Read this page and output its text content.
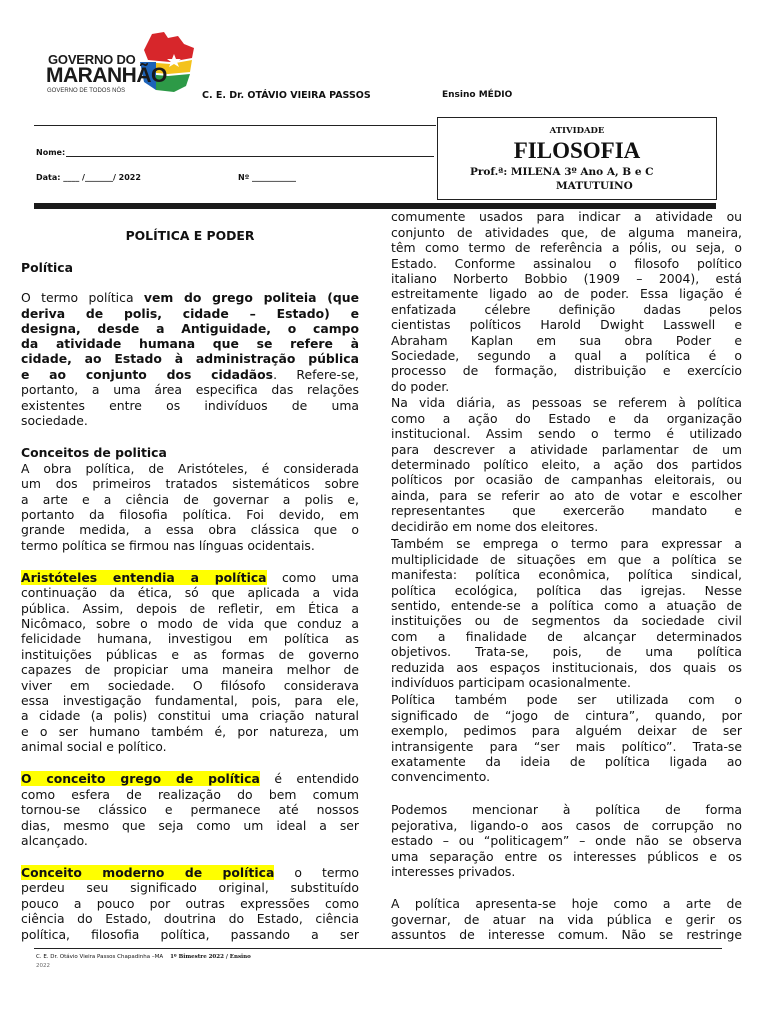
GOVERNO DO
MARANHÃO
GOVERNO DE TODOS NÓS	C. E. Dr. OTÁVIO VIEIRA PASSOS	Ensino MÉDIO
Nome:
Data: ____ /_______/ 2022	Nº ___________
ATIVIDADE
FILOSOFIA
Prof.ª: MILENA 3º Ano A, B e C
MATUTUINO
POLÍTICA E PODER
Política
O termo política vem do grego politeia (que
deriva de polis, cidade – Estado) e
designa, desde a Antiguidade, o campo
da atividade humana que se refere à
cidade, ao Estado à administração pública
e ao conjunto dos cidadãos. Refere-se,
portanto, a uma área especifica das relações
existentes entre os indivíduos de uma
sociedade.
Conceitos de politica
A obra política, de Aristóteles, é considerada
um dos primeiros tratados sistemáticos sobre
a arte e a ciência de governar a polis e,
portanto da filosofia política. Foi devido, em
grande medida, a essa obra clássica que o
termo política se firmou nas línguas ocidentais.
Aristóteles entendia a política como uma
continuação da ética, só que aplicada a vida
pública. Assim, depois de refletir, em Ética a
Nicômaco, sobre o modo de vida que conduz a
felicidade humana, investigou em política as
instituições públicas e as formas de governo
capazes de propiciar uma maneira melhor de
viver em sociedade. O filósofo considerava
essa investigação fundamental, pois, para ele,
a cidade (a polis) constitui uma criação natural
e o ser humano também é, por natureza, um
animal social e político.
O conceito grego de política é entendido
como esfera de realização do bem comum
tornou-se clássico e permanece até nossos
dias, mesmo que seja como um ideal a ser
alcançado.
Conceito moderno de política o termo
perdeu seu significado original, substituído
pouco a pouco por outras expressões como
ciência do Estado, doutrina do Estado, ciência
política, filosofia política, passando a ser
comumente usados para indicar a atividade ou
conjunto de atividades que, de alguma maneira,
têm como termo de referência a pólis, ou seja, o
Estado. Conforme assinalou o filosofo político
italiano Norberto Bobbio (1909 – 2004), está
estreitamente ligado ao de poder. Essa ligação é
enfatizada célebre definição dadas pelos
cientistas políticos Harold Dwight Lasswell e
Abraham Kaplan em sua obra Poder e
Sociedade, segundo a qual a política é o
processo de formação, distribuição e exercício
do poder.
Na vida diária, as pessoas se referem à política
como a ação do Estado e da organização
institucional. Assim sendo o termo é utilizado
para descrever a atividade parlamentar de um
determinado político eleito, a ação dos partidos
políticos por ocasião de campanhas eleitorais, ou
ainda, para se referir ao ato de votar e escolher
representantes que exercerão mandato e
decidirão em nome dos eleitores.
Também se emprega o termo para expressar a
multiplicidade de situações em que a política se
manifesta: política econômica, política sindical,
política ecológica, política das igrejas. Nesse
sentido, entende-se a política como a atuação de
instituições ou de segmentos da sociedade civil
com a finalidade de alcançar determinados
objetivos. Trata-se, pois, de uma política
reduzida aos espaços institucionais, dos quais os
indivíduos participam ocasionalmente.
Política também pode ser utilizada com o
significado de “jogo de cintura”, quando, por
exemplo, pedimos para alguém deixar de ser
intransigente para “ser mais político”. Trata-se
exatamente da ideia de política ligada ao
convencimento.
Podemos mencionar à política de forma
pejorativa, ligando-o aos casos de corrupção no
estado – ou “politicagem” – onde não se observa
uma separação entre os interesses públicos e os
interesses privados.
A política apresenta-se hoje como a arte de
governar, de atuar na vida pública e gerir os
assuntos de interesse comum. Não se restringe
C. E. Dr. Otávio Vieira Passos Chapadinha –MA 1º Bimestre 2022 / Ensino
2022
